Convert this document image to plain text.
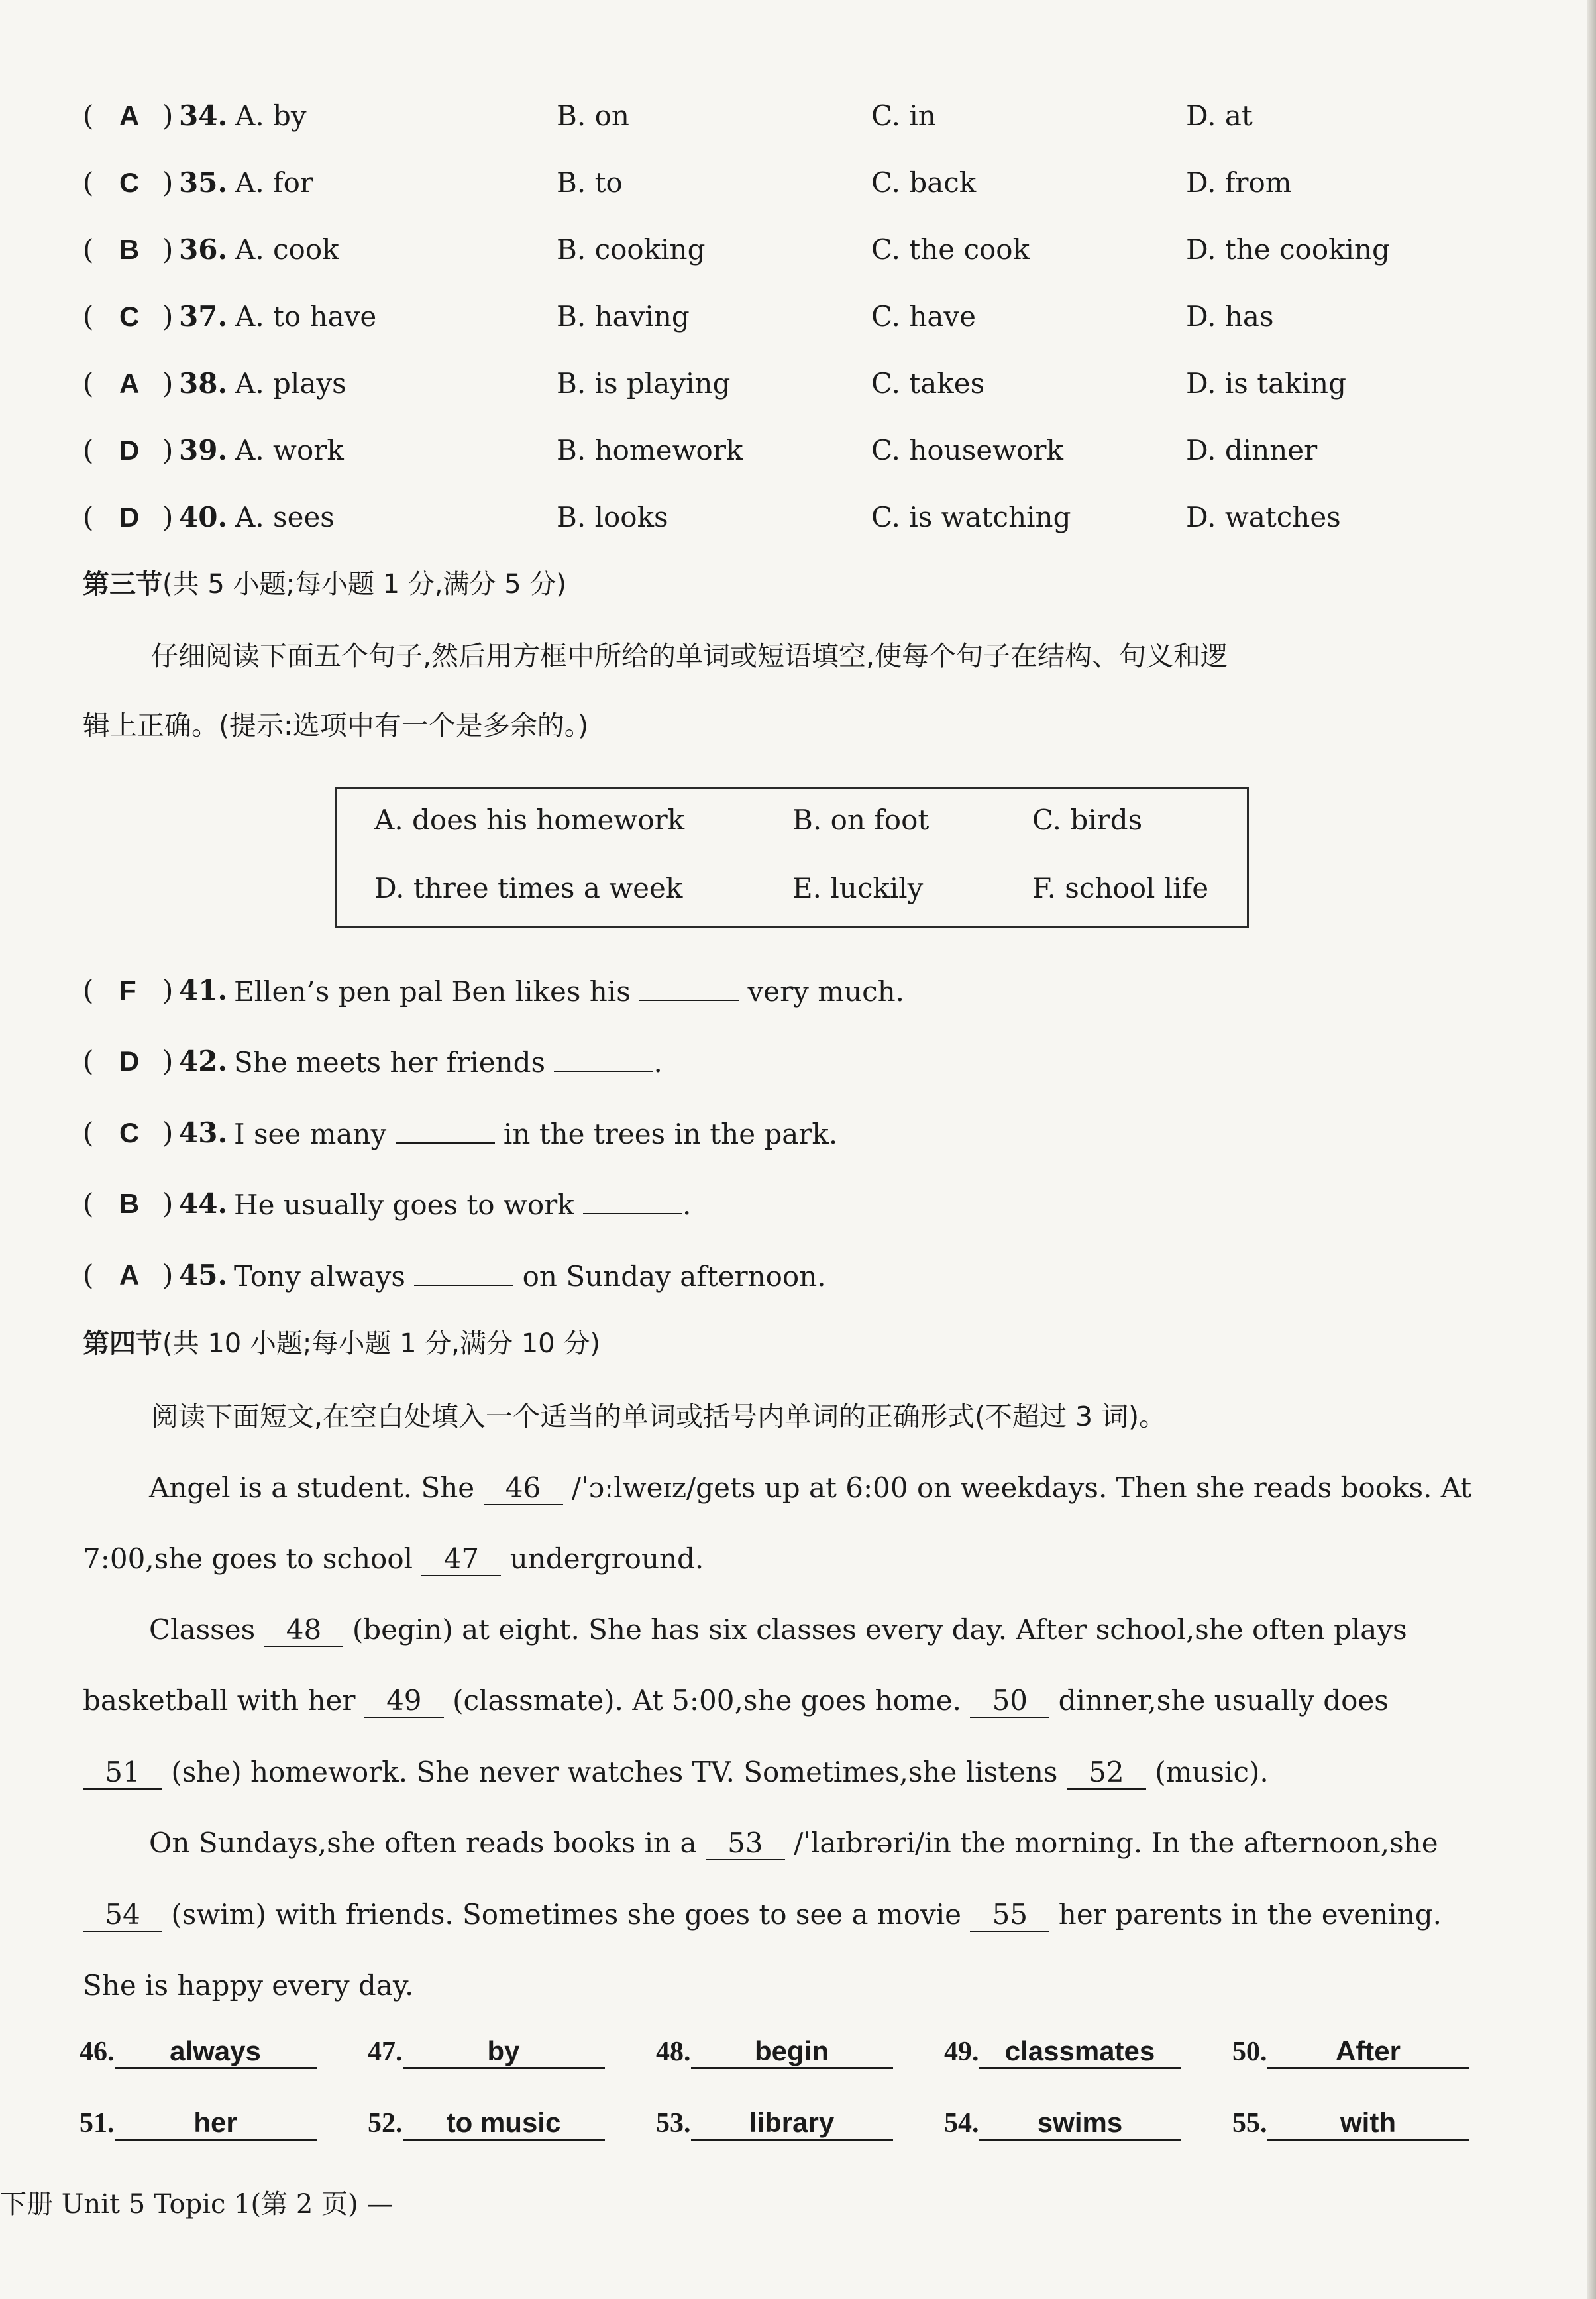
( A ) 34. A. by	B. on	C. in	D. at
( C ) 35. A. for	B. to	C. back	D. from
( B ) 36. A. cook	B. cooking	C. the cook	D. the cooking
( C ) 37. A. to have	B. having	C. have	D. has
( A ) 38. A. plays	B. is playing	C. takes	D. is taking
( D ) 39. A. work	B. homework	C. housework	D. dinner
( D ) 40. A. sees	B. looks	C. is watching	D. watches
第三节(共 5 小题;每小题 1 分,满分 5 分)
仔细阅读下面五个句子,然后用方框中所给的单词或短语填空,使每个句子在结构、句义和逻
辑上正确。(提示:选项中有一个是多余的。)
A. does his homework	B. on foot	C. birds
D. three times a week	E. luckily	F. school life
( F ) 41. Ellen’s pen pal Ben likes his	very much.
( D ) 42. She meets her friends	.
( C ) 43. I see many	in the trees in the park.
( B ) 44. He usually goes to work	.
( A ) 45. Tony always	on Sunday afternoon.
第四节(共 10 小题;每小题 1 分,满分 10 分)
阅读下面短文,在空白处填入一个适当的单词或括号内单词的正确形式(不超过 3 词)。
Angel is a student. She 46 /ˈɔːlweɪz/gets up at 6:00 on weekdays. Then she reads books. At
7:00,she goes to school 47 underground.
Classes 48 (begin) at eight. She has six classes every day. After school,she often plays
basketball with her 49 (classmate). At 5:00,she goes home. 50 dinner,she usually does
51 (she) homework. She never watches TV. Sometimes,she listens 52 (music).
On Sundays,she often reads books in a 53 /ˈlaɪbrəri/in the morning. In the afternoon,she
54 (swim) with friends. Sometimes she goes to see a movie 55 her parents in the evening.
She is happy every day.
46. always	47.	by	48. begin	49. classmates	50. After
51.	her	52. to music	53. library	54. swims	55.	with
下册 Unit 5 Topic 1(第 2 页) —
